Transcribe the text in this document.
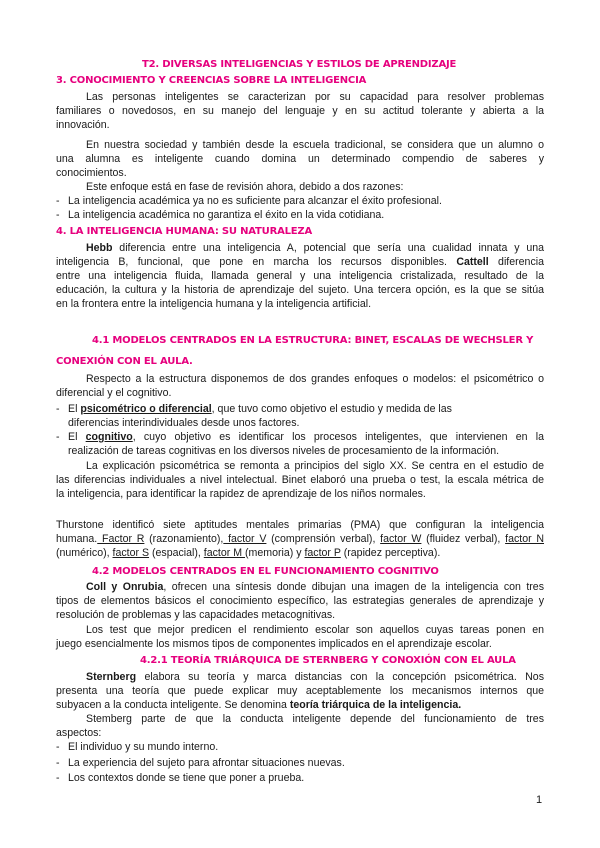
T2. DIVERSAS INTELIGENCIAS Y ESTILOS DE APRENDIZAJE
3. CONOCIMIENTO Y CREENCIAS SOBRE LA INTELIGENCIA
Las personas inteligentes se caracterizan por su capacidad para resolver problemas
familiares o novedosos, en su manejo del lenguaje y en su actitud tolerante y abierta a la
innovación.
En nuestra sociedad y también desde la escuela tradicional, se considera que un alumno o
una alumna es inteligente cuando domina un determinado compendio de saberes y
conocimientos.
Este enfoque está en fase de revisión ahora, debido a dos razones:
- La inteligencia académica ya no es suficiente para alcanzar el éxito profesional.
- La inteligencia académica no garantiza el éxito en la vida cotidiana.
4. LA INTELIGENCIA HUMANA: SU NATURALEZA
Hebb diferencia entre una inteligencia A, potencial que sería una cualidad innata y una
inteligencia B, funcional, que pone en marcha los recursos disponibles. Cattell diferencia
entre una inteligencia fluida, llamada general y una inteligencia cristalizada, resultado de la
educación, la cultura y la historia de aprendizaje del sujeto. Una tercera opción, es la que se sitúa
en la frontera entre la inteligencia humana y la inteligencia artificial.
4.1 MODELOS CENTRADOS EN LA ESTRUCTURA: BINET, ESCALAS DE WECHSLER Y
CONEXIÓN CON EL AULA.
Respecto a la estructura disponemos de dos grandes enfoques o modelos: el psicométrico o
diferencial y el cognitivo.
- El psicométrico o diferencial, que tuvo como objetivo el estudio y medida de las
diferencias interindividuales desde unos factores.
- El cognitivo, cuyo objetivo es identificar los procesos inteligentes, que intervienen en la
realización de tareas cognitivas en los diversos niveles de procesamiento de la información.
La explicación psicométrica se remonta a principios del siglo XX. Se centra en el estudio de
las diferencias individuales a nivel intelectual. Binet elaboró una prueba o test, la escala métrica de
la inteligencia, para identificar la rapidez de aprendizaje de los niños normales.
Thurstone identificó siete aptitudes mentales primarias (PMA) que configuran la inteligencia
humana. Factor R (razonamiento), factor V (comprensión verbal), factor W (fluidez verbal), factor N
(numérico), factor S (espacial), factor M (memoria) y factor P (rapidez perceptiva).
4.2 MODELOS CENTRADOS EN EL FUNCIONAMIENTO COGNITIVO
Coll y Onrubia, ofrecen una síntesis donde dibujan una imagen de la inteligencia con tres
tipos de elementos básicos el conocimiento específico, las estrategias generales de aprendizaje y
resolución de problemas y las capacidades metacognitivas.
Los test que mejor predicen el rendimiento escolar son aquellos cuyas tareas ponen en
juego esencialmente los mismos tipos de componentes implicados en el aprendizaje escolar.
4.2.1 TEORÍA TRIÁRQUICA DE STERNBERG Y CONOXIÓN CON EL AULA
Sternberg elabora su teoría y marca distancias con la concepción psicométrica. Nos
presenta una teoría que puede explicar muy aceptablemente los mecanismos internos que
subyacen a la conducta inteligente. Se denomina teoría triárquica de la inteligencia.
Stemberg parte de que la conducta inteligente depende del funcionamiento de tres
aspectos:
- El individuo y su mundo interno.
- La experiencia del sujeto para afrontar situaciones nuevas.
- Los contextos donde se tiene que poner a prueba.
1
